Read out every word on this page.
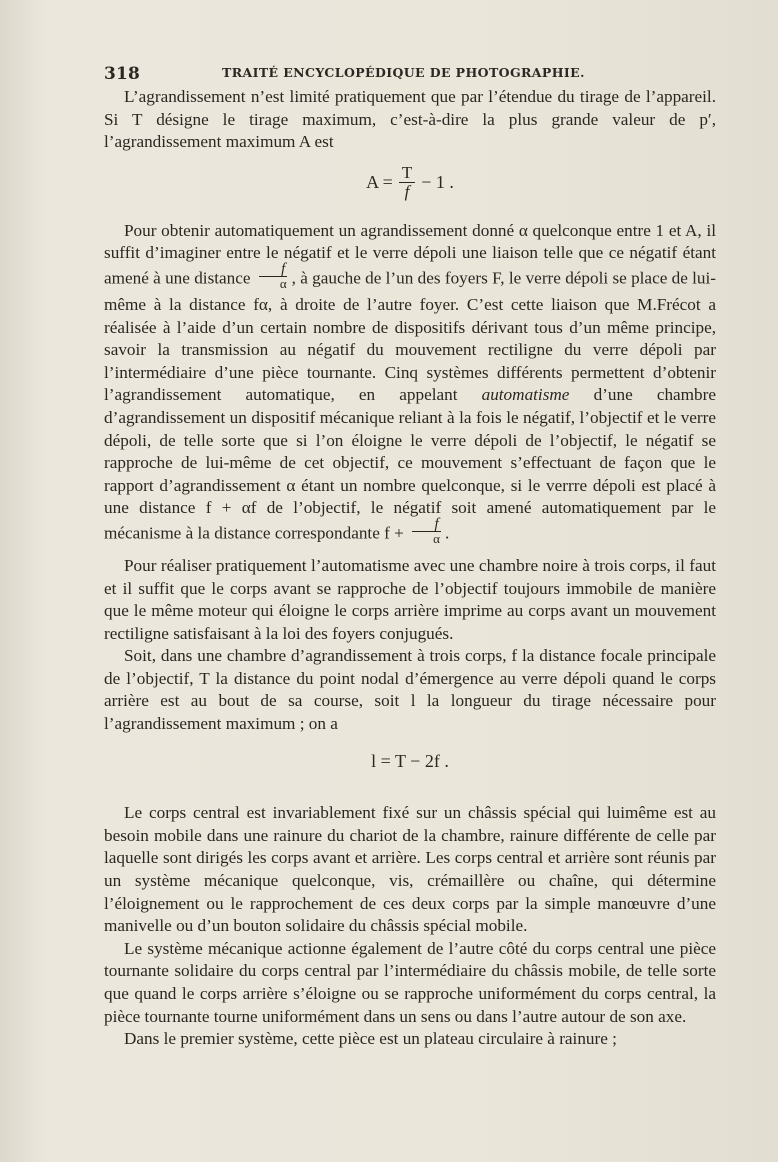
318	TRAITÉ ENCYCLOPÉDIQUE DE PHOTOGRAPHIE.

L’agrandissement n’est limité pratiquement que par l’étendue du tirage de l’appareil. Si T désigne le tirage maximum, c’est-à-dire la plus grande valeur de p′, l’agrandissement maximum A est

$A = \frac{T}{f} - 1$ .

Pour obtenir automatiquement un agrandissement donné α quelconque entre 1 et A, il suffit d’imaginer entre le négatif et le verre dépoli une liaison telle que ce négatif étant amené à une distance $\frac{f}{\alpha}$ , à gauche de l’un des foyers F, le verre dépoli se place de lui-même à la distance fα, à droite de l’autre foyer. C’est cette liaison que M.Frécot a réalisée à l’aide d’un certain nombre de dispositifs dérivant tous d’un même principe, savoir la transmission au négatif du mouvement rectiligne du verre dépoli par l’intermédiaire d’une pièce tournante. Cinq systèmes différents permettent d’obtenir l’agrandissement automatique, en appelant automatisme d’une chambre d’agrandissement un dispositif mécanique reliant à la fois le négatif, l’objectif et le verre dépoli, de telle sorte que si l’on éloigne le verre dépoli de l’objectif, le négatif se rapproche de lui-même de cet objectif, ce mouvement s’effectuant de façon que le rapport d’agrandissement α étant un nombre quelconque, si le verrre dépoli est placé à une distance f + αf de l’objectif, le négatif soit amené automatiquement par le mécanisme à la distance correspondante $f + \frac{f}{\alpha}$ .

Pour réaliser pratiquement l’automatisme avec une chambre noire à trois corps, il faut et il suffit que le corps avant se rapproche de l’objectif toujours immobile de manière que le même moteur qui éloigne le corps arrière imprime au corps avant un mouvement rectiligne satisfaisant à la loi des foyers conjugués.

Soit, dans une chambre d’agrandissement à trois corps, f la distance focale principale de l’objectif, T la distance du point nodal d’émergence au verre dépoli quand le corps arrière est au bout de sa course, soit l la longueur du tirage nécessaire pour l’agrandissement maximum ; on a

l = T − 2f .

Le corps central est invariablement fixé sur un châssis spécial qui luimême est au besoin mobile dans une rainure du chariot de la chambre, rainure différente de celle par laquelle sont dirigés les corps avant et arrière. Les corps central et arrière sont réunis par un système mécanique quelconque, vis, crémaillère ou chaîne, qui détermine l’éloignement ou le rapprochement de ces deux corps par la simple manœuvre d’une manivelle ou d’un bouton solidaire du châssis spécial mobile.

Le système mécanique actionne également de l’autre côté du corps central une pièce tournante solidaire du corps central par l’intermédiaire du châssis mobile, de telle sorte que quand le corps arrière s’éloigne ou se rapproche uniformément du corps central, la pièce tournante tourne uniformément dans un sens ou dans l’autre autour de son axe.

Dans le premier système, cette pièce est un plateau circulaire à rainure ;
